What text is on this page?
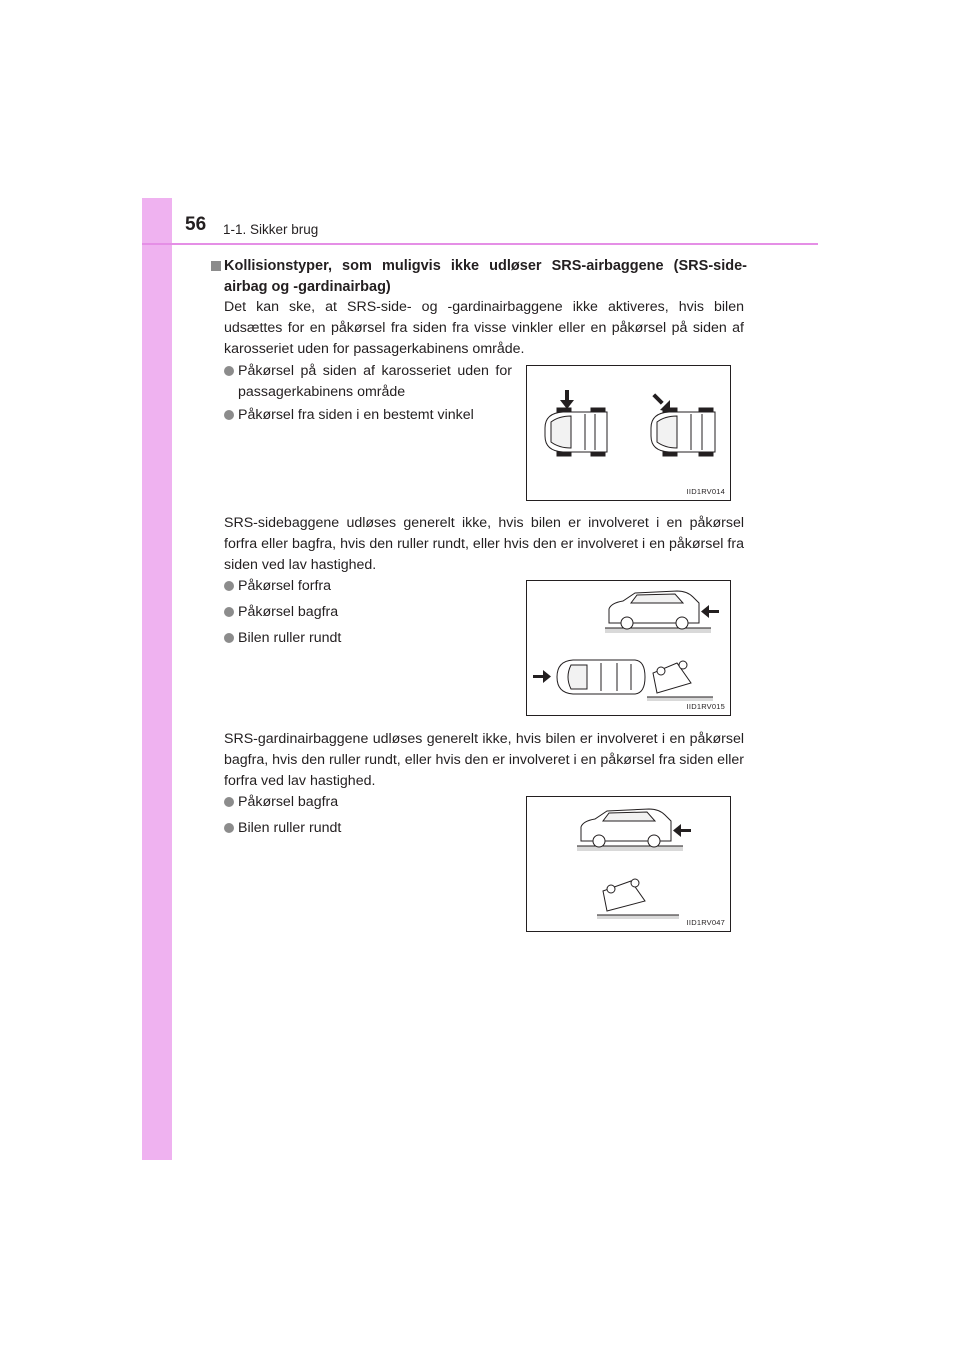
56 1-1. Sikker brug
Kollisionstyper, som muligvis ikke udløser SRS-airbaggene (SRS-side-airbag og -gardinairbag)
Det kan ske, at SRS-side- og -gardinairbaggene ikke aktiveres, hvis bilen udsættes for en påkørsel fra siden fra visse vinkler eller en påkørsel på siden af karosseriet uden for passagerkabinens område.
Påkørsel på siden af karosseriet uden for passagerkabinens område
Påkørsel fra siden i en bestemt vinkel
IID1RV014
SRS-sidebaggene udløses generelt ikke, hvis bilen er involveret i en påkørsel forfra eller bagfra, hvis den ruller rundt, eller hvis den er involveret i en påkørsel fra siden ved lav hastighed.
Påkørsel forfra
Påkørsel bagfra
Bilen ruller rundt
IID1RV015
SRS-gardinairbaggene udløses generelt ikke, hvis bilen er involveret i en påkørsel bagfra, hvis den ruller rundt, eller hvis den er involveret i en påkørsel fra siden eller forfra ved lav hastighed.
Påkørsel bagfra
Bilen ruller rundt
IID1RV047
